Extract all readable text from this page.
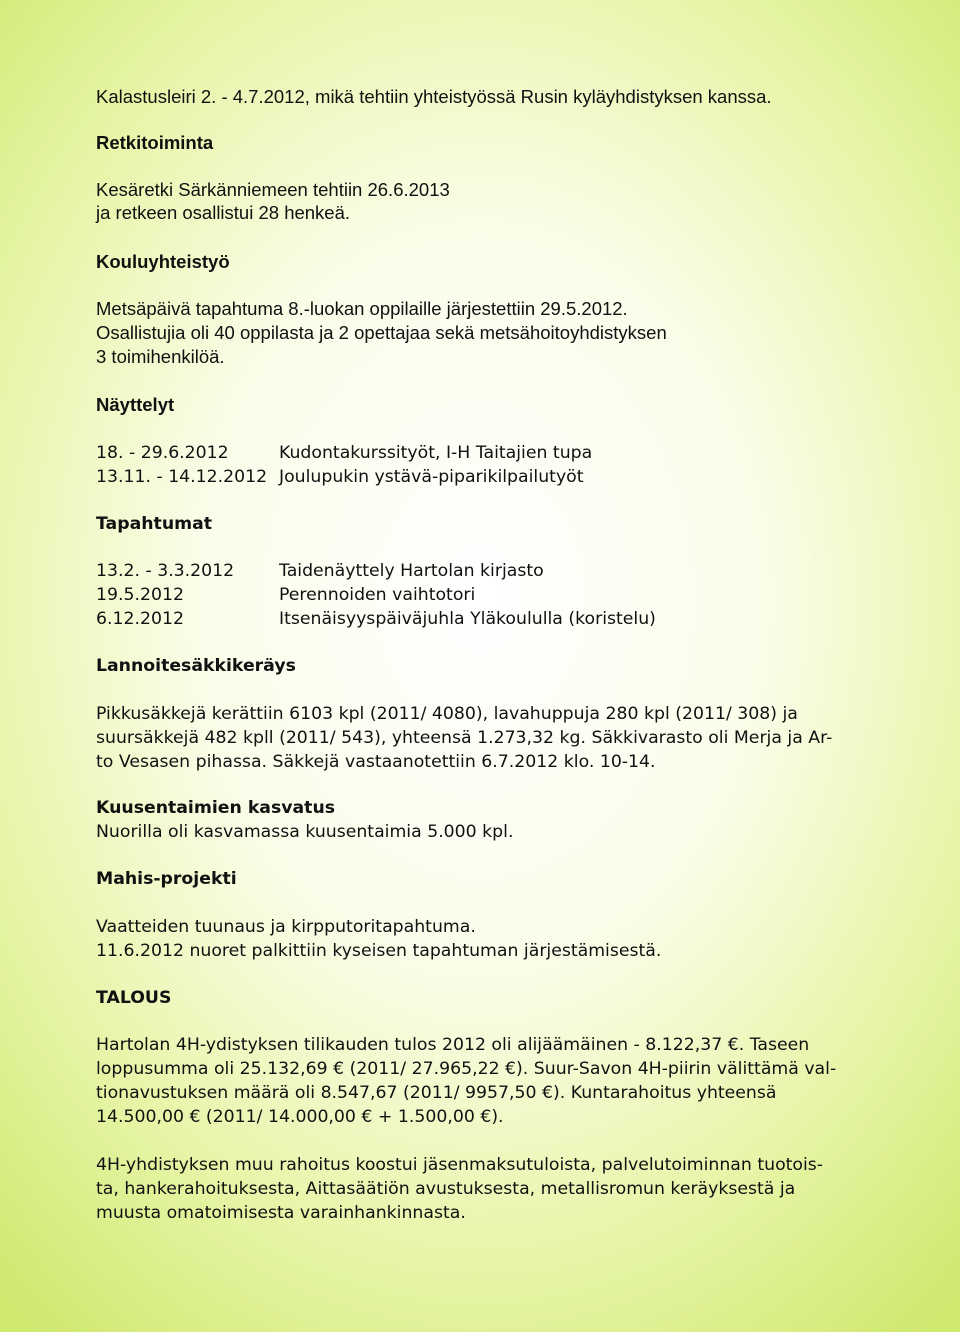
Kalastusleiri 2. - 4.7.2012, mikä tehtiin yhteistyössä Rusin kyläyhdistyksen kanssa.
Retkitoiminta
Kesäretki Särkänniemeen tehtiin 26.6.2013
ja retkeen osallistui 28 henkeä.
Kouluyhteistyö
Metsäpäivä tapahtuma 8.-luokan oppilaille järjestettiin 29.5.2012.
Osallistujia oli 40 oppilasta ja 2 opettajaa sekä metsähoitoyhdistyksen
3 toimihenkilöä.
Näyttelyt
18. - 29.6.2012	Kudontakurssityöt, I-H Taitajien tupa
13.11. - 14.12.2012 Joulupukin ystävä-piparikilpailutyöt
Tapahtumat
13.2. - 3.3.2012	Taidenäyttely Hartolan kirjasto
19.5.2012	Perennoiden vaihtotori
6.12.2012	Itsenäisyyspäiväjuhla Yläkoululla (koristelu)
Lannoitesäkkikeräys
Pikkusäkkejä kerättiin 6103 kpl (2011/ 4080), lavahuppuja 280 kpl (2011/ 308) ja
suursäkkejä 482 kpll (2011/ 543), yhteensä 1.273,32 kg. Säkkivarasto oli Merja ja Ar-
to Vesasen pihassa. Säkkejä vastaanotettiin 6.7.2012 klo. 10-14.
Kuusentaimien kasvatus
Nuorilla oli kasvamassa kuusentaimia 5.000 kpl.
Mahis-projekti
Vaatteiden tuunaus ja kirpputoritapahtuma.
11.6.2012 nuoret palkittiin kyseisen tapahtuman järjestämisestä.
TALOUS
Hartolan 4H-ydistyksen tilikauden tulos 2012 oli alijäämäinen - 8.122,37 €. Taseen
loppusumma oli 25.132,69 € (2011/ 27.965,22 €). Suur-Savon 4H-piirin välittämä val-
tionavustuksen määrä oli 8.547,67 (2011/ 9957,50 €). Kuntarahoitus yhteensä
14.500,00 € (2011/ 14.000,00 € + 1.500,00 €).
4H-yhdistyksen muu rahoitus koostui jäsenmaksutuloista, palvelutoiminnan tuotois-
ta, hankerahoituksesta, Aittasäätiön avustuksesta, metallisromun keräyksestä ja
muusta omatoimisesta varainhankinnasta.
